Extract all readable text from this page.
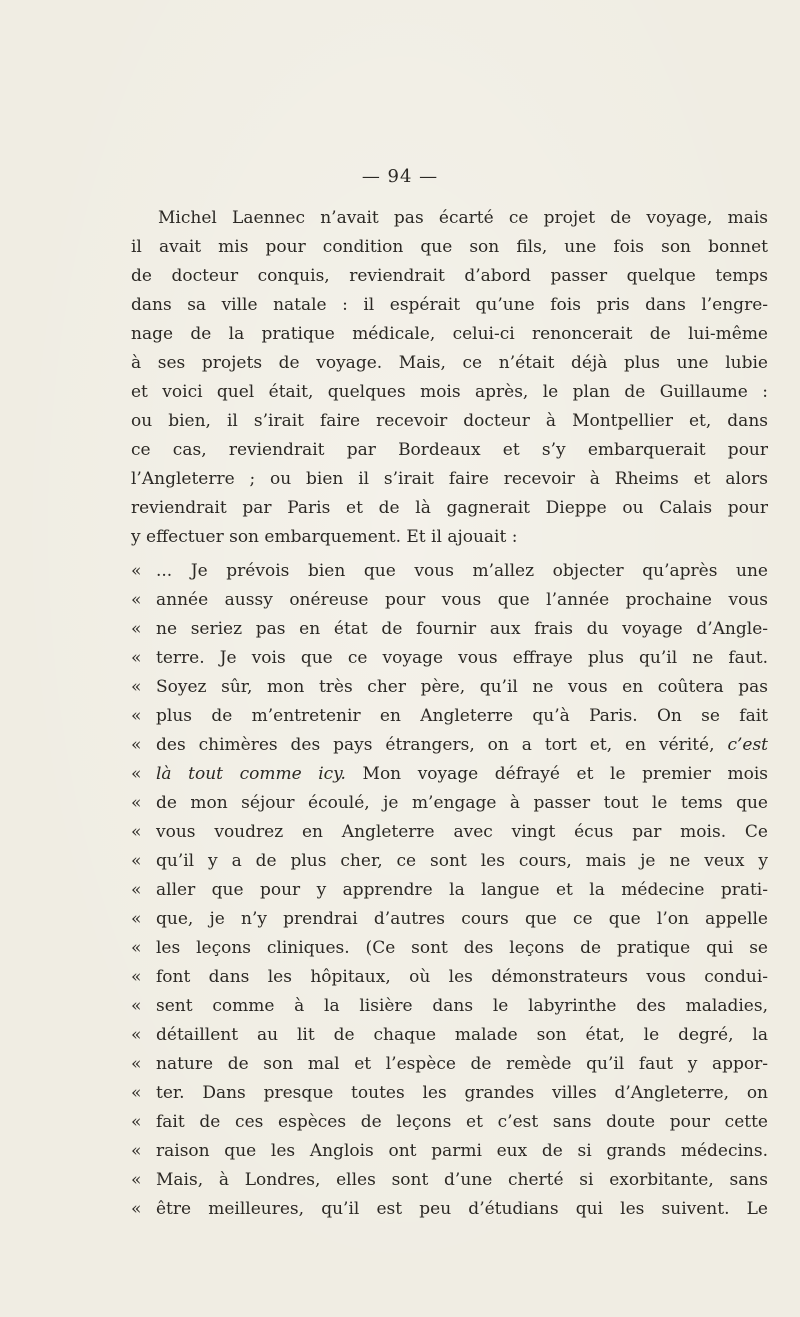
— 94 —
Michel Laennec n’avait pas écarté ce projet de voyage, mais
il avait mis pour condition que son fils, une fois son bonnet
de docteur conquis, reviendrait d’abord passer quelque temps
dans sa ville natale : il espérait qu’une fois pris dans l’engre-
nage de la pratique médicale, celui-ci renoncerait de lui-même
à ses projets de voyage. Mais, ce n’était déjà plus une lubie
et voici quel était, quelques mois après, le plan de Guillaume :
ou bien, il s’irait faire recevoir docteur à Montpellier et, dans
ce cas, reviendrait par Bordeaux et s’y embarquerait pour
l’Angleterre ; ou bien il s’irait faire recevoir à Rheims et alors
reviendrait par Paris et de là gagnerait Dieppe ou Calais pour
y effectuer son embarquement. Et il ajouait :
« ... Je prévois bien que vous m’allez objecter qu’après une
« année aussy onéreuse pour vous que l’année prochaine vous
« ne seriez pas en état de fournir aux frais du voyage d’Angle-
« terre. Je vois que ce voyage vous effraye plus qu’il ne faut.
« Soyez sûr, mon très cher père, qu’il ne vous en coûtera pas
« plus de m’entretenir en Angleterre qu’à Paris. On se fait
« des chimères des pays étrangers, on a tort et, en vérité, c’est
« là tout comme icy. Mon voyage défrayé et le premier mois
« de mon séjour écoulé, je m’engage à passer tout le tems que
« vous voudrez en Angleterre avec vingt écus par mois. Ce
« qu’il y a de plus cher, ce sont les cours, mais je ne veux y
« aller que pour y apprendre la langue et la médecine prati-
« que, je n’y prendrai d’autres cours que ce que l’on appelle
« les leçons cliniques. (Ce sont des leçons de pratique qui se
« font dans les hôpitaux, où les démonstrateurs vous condui-
« sent comme à la lisière dans le labyrinthe des maladies,
« détaillent au lit de chaque malade son état, le degré, la
« nature de son mal et l’espèce de remède qu’il faut y appor-
« ter. Dans presque toutes les grandes villes d’Angleterre, on
« fait de ces espèces de leçons et c’est sans doute pour cette
« raison que les Anglois ont parmi eux de si grands médecins.
« Mais, à Londres, elles sont d’une cherté si exorbitante, sans
« être meilleures, qu’il est peu d’étudians qui les suivent. Le
